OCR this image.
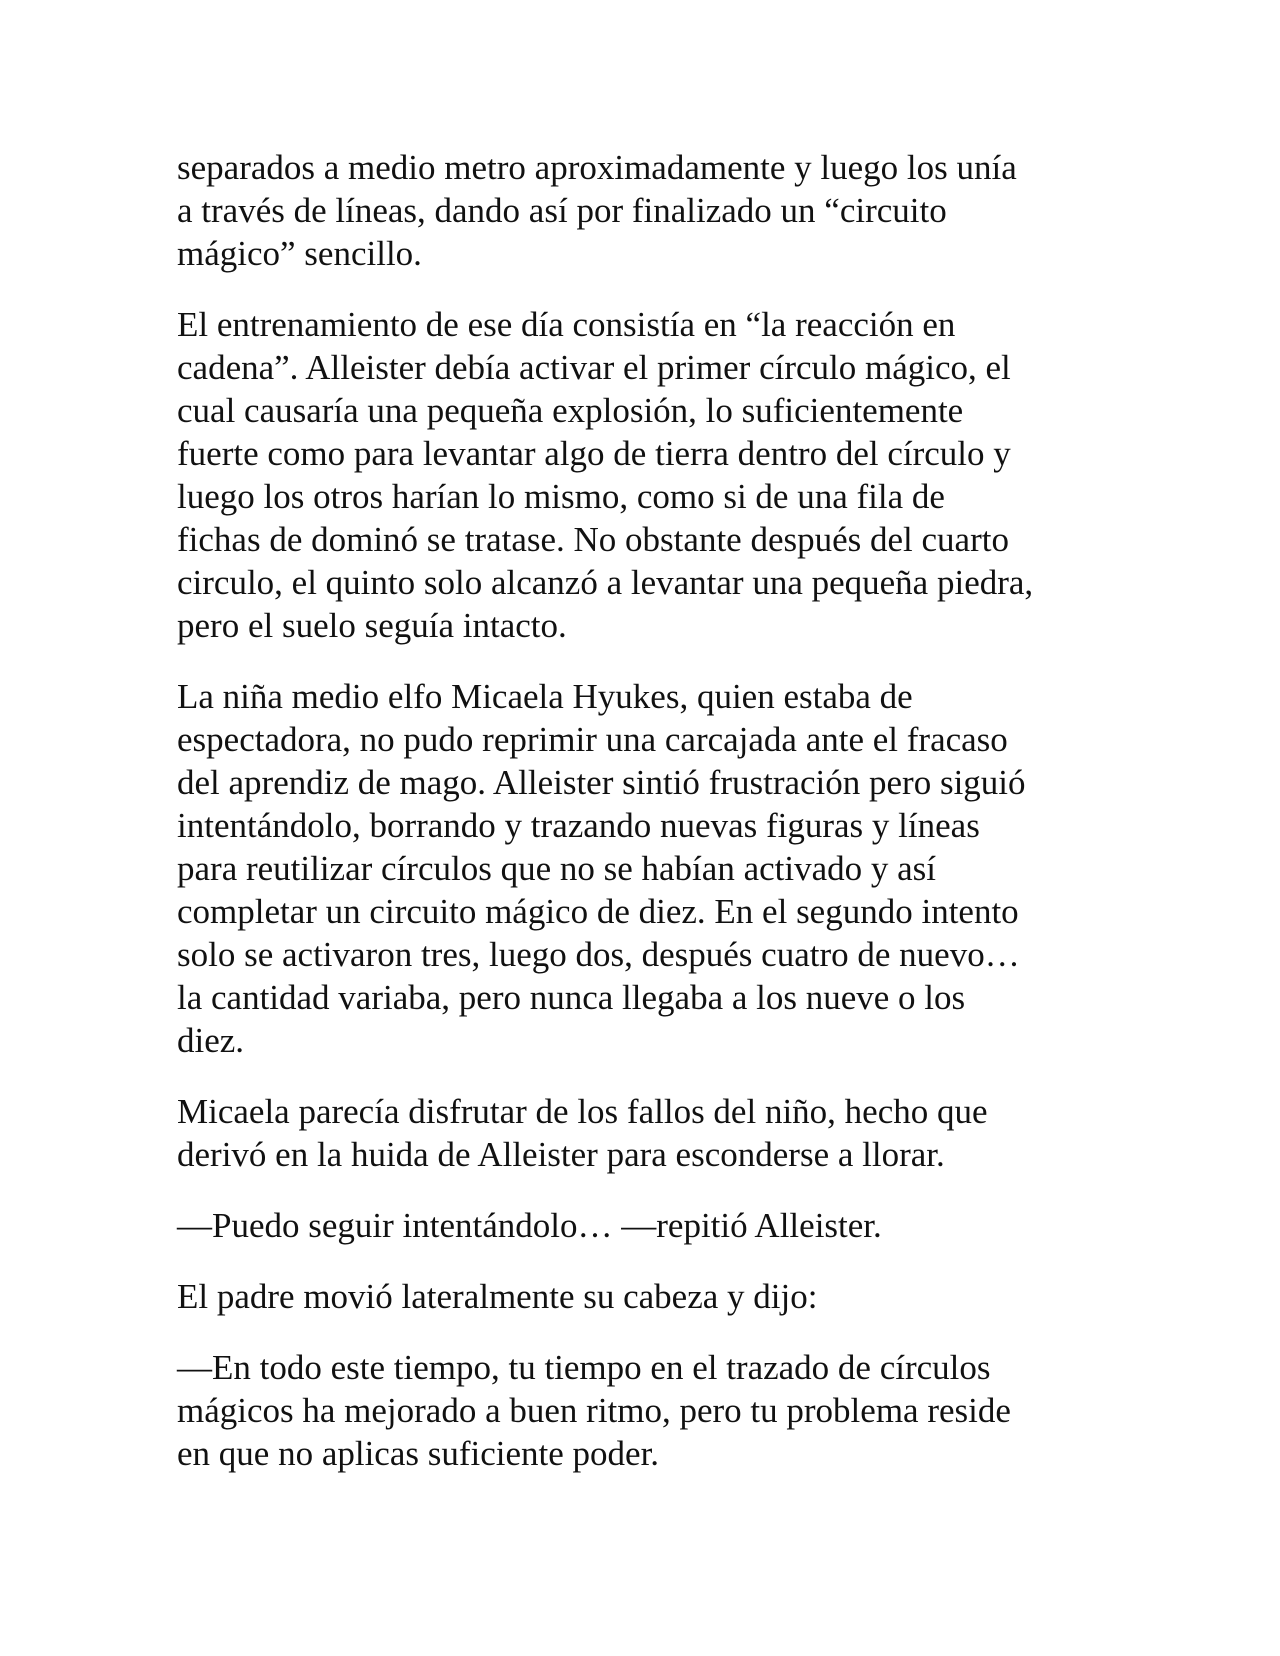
separados a medio metro aproximadamente y luego los unía
a través de líneas, dando así por finalizado un “circuito
mágico” sencillo.

El entrenamiento de ese día consistía en “la reacción en
cadena”. Alleister debía activar el primer círculo mágico, el
cual causaría una pequeña explosión, lo suficientemente
fuerte como para levantar algo de tierra dentro del círculo y
luego los otros harían lo mismo, como si de una fila de
fichas de dominó se tratase. No obstante después del cuarto
circulo, el quinto solo alcanzó a levantar una pequeña piedra,
pero el suelo seguía intacto.

La niña medio elfo Micaela Hyukes, quien estaba de
espectadora, no pudo reprimir una carcajada ante el fracaso
del aprendiz de mago. Alleister sintió frustración pero siguió
intentándolo, borrando y trazando nuevas figuras y líneas
para reutilizar círculos que no se habían activado y así
completar un circuito mágico de diez. En el segundo intento
solo se activaron tres, luego dos, después cuatro de nuevo…
la cantidad variaba, pero nunca llegaba a los nueve o los
diez.

Micaela parecía disfrutar de los fallos del niño, hecho que
derivó en la huida de Alleister para esconderse a llorar.

—Puedo seguir intentándolo… —repitió Alleister.

El padre movió lateralmente su cabeza y dijo:

—En todo este tiempo, tu tiempo en el trazado de círculos
mágicos ha mejorado a buen ritmo, pero tu problema reside
en que no aplicas suficiente poder.
